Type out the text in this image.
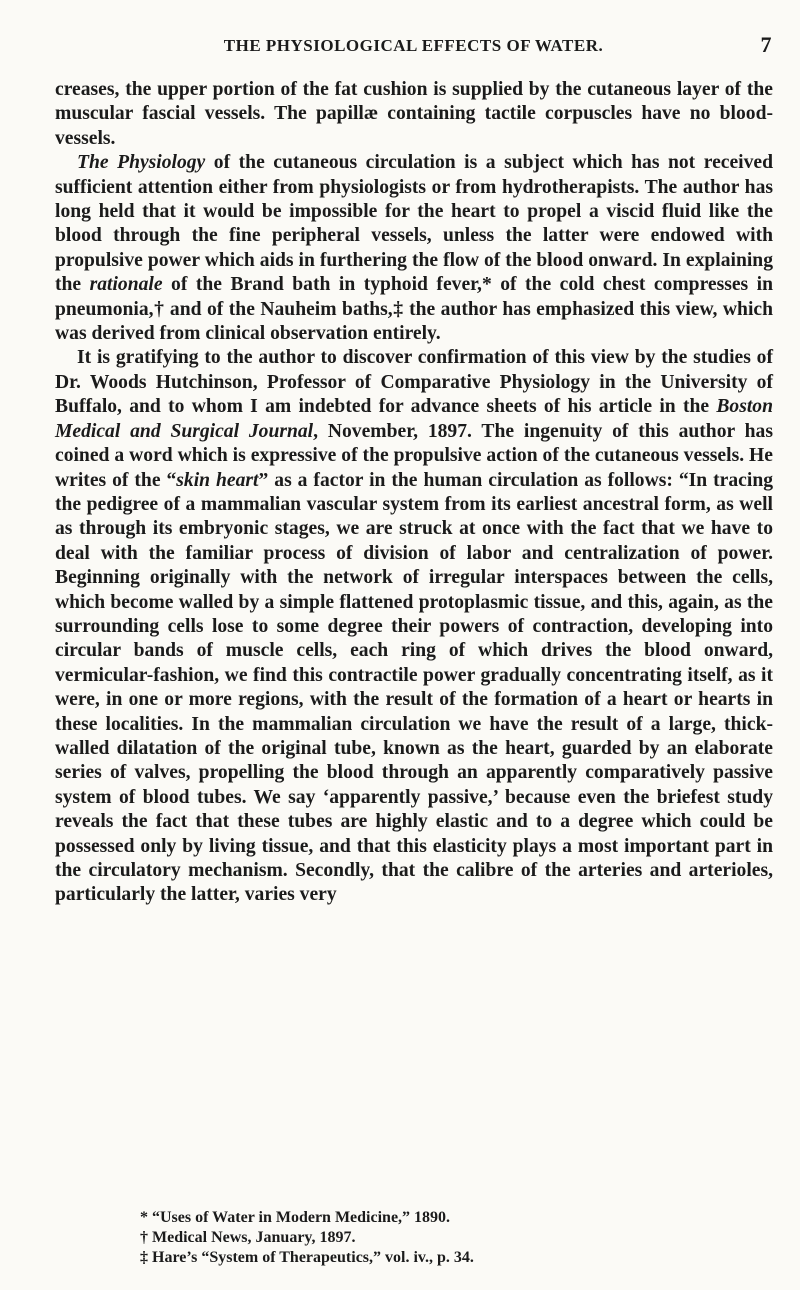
THE PHYSIOLOGICAL EFFECTS OF WATER.	7

creases, the upper portion of the fat cushion is supplied by the cutaneous layer of the muscular fascial vessels. The papillæ containing tactile corpuscles have no blood-vessels.

The Physiology of the cutaneous circulation is a subject which has not received sufficient attention either from physiologists or from hydrotherapists. The author has long held that it would be impossible for the heart to propel a viscid fluid like the blood through the fine peripheral vessels, unless the latter were endowed with propulsive power which aids in furthering the flow of the blood onward. In explaining the rationale of the Brand bath in typhoid fever,* of the cold chest compresses in pneumonia,† and of the Nauheim baths,‡ the author has emphasized this view, which was derived from clinical observation entirely.

It is gratifying to the author to discover confirmation of this view by the studies of Dr. Woods Hutchinson, Professor of Comparative Physiology in the University of Buffalo, and to whom I am indebted for advance sheets of his article in the Boston Medical and Surgical Journal, November, 1897. The ingenuity of this author has coined a word which is expressive of the propulsive action of the cutaneous vessels. He writes of the “skin heart” as a factor in the human circulation as follows: “In tracing the pedigree of a mammalian vascular system from its earliest ancestral form, as well as through its embryonic stages, we are struck at once with the fact that we have to deal with the familiar process of division of labor and centralization of power. Beginning originally with the network of irregular interspaces between the cells, which become walled by a simple flattened protoplasmic tissue, and this, again, as the surrounding cells lose to some degree their powers of contraction, developing into circular bands of muscle cells, each ring of which drives the blood onward, vermicular-fashion, we find this contractile power gradually concentrating itself, as it were, in one or more regions, with the result of the formation of a heart or hearts in these localities. In the mammalian circulation we have the result of a large, thick-walled dilatation of the original tube, known as the heart, guarded by an elaborate series of valves, propelling the blood through an apparently comparatively passive system of blood tubes. We say ‘apparently passive,’ because even the briefest study reveals the fact that these tubes are highly elastic and to a degree which could be possessed only by living tissue, and that this elasticity plays a most important part in the circulatory mechanism. Secondly, that the calibre of the arteries and arterioles, particularly the latter, varies very

* “Uses of Water in Modern Medicine,” 1890.

† Medical News, January, 1897.

‡ Hare’s “System of Therapeutics,” vol. iv., p. 34.
